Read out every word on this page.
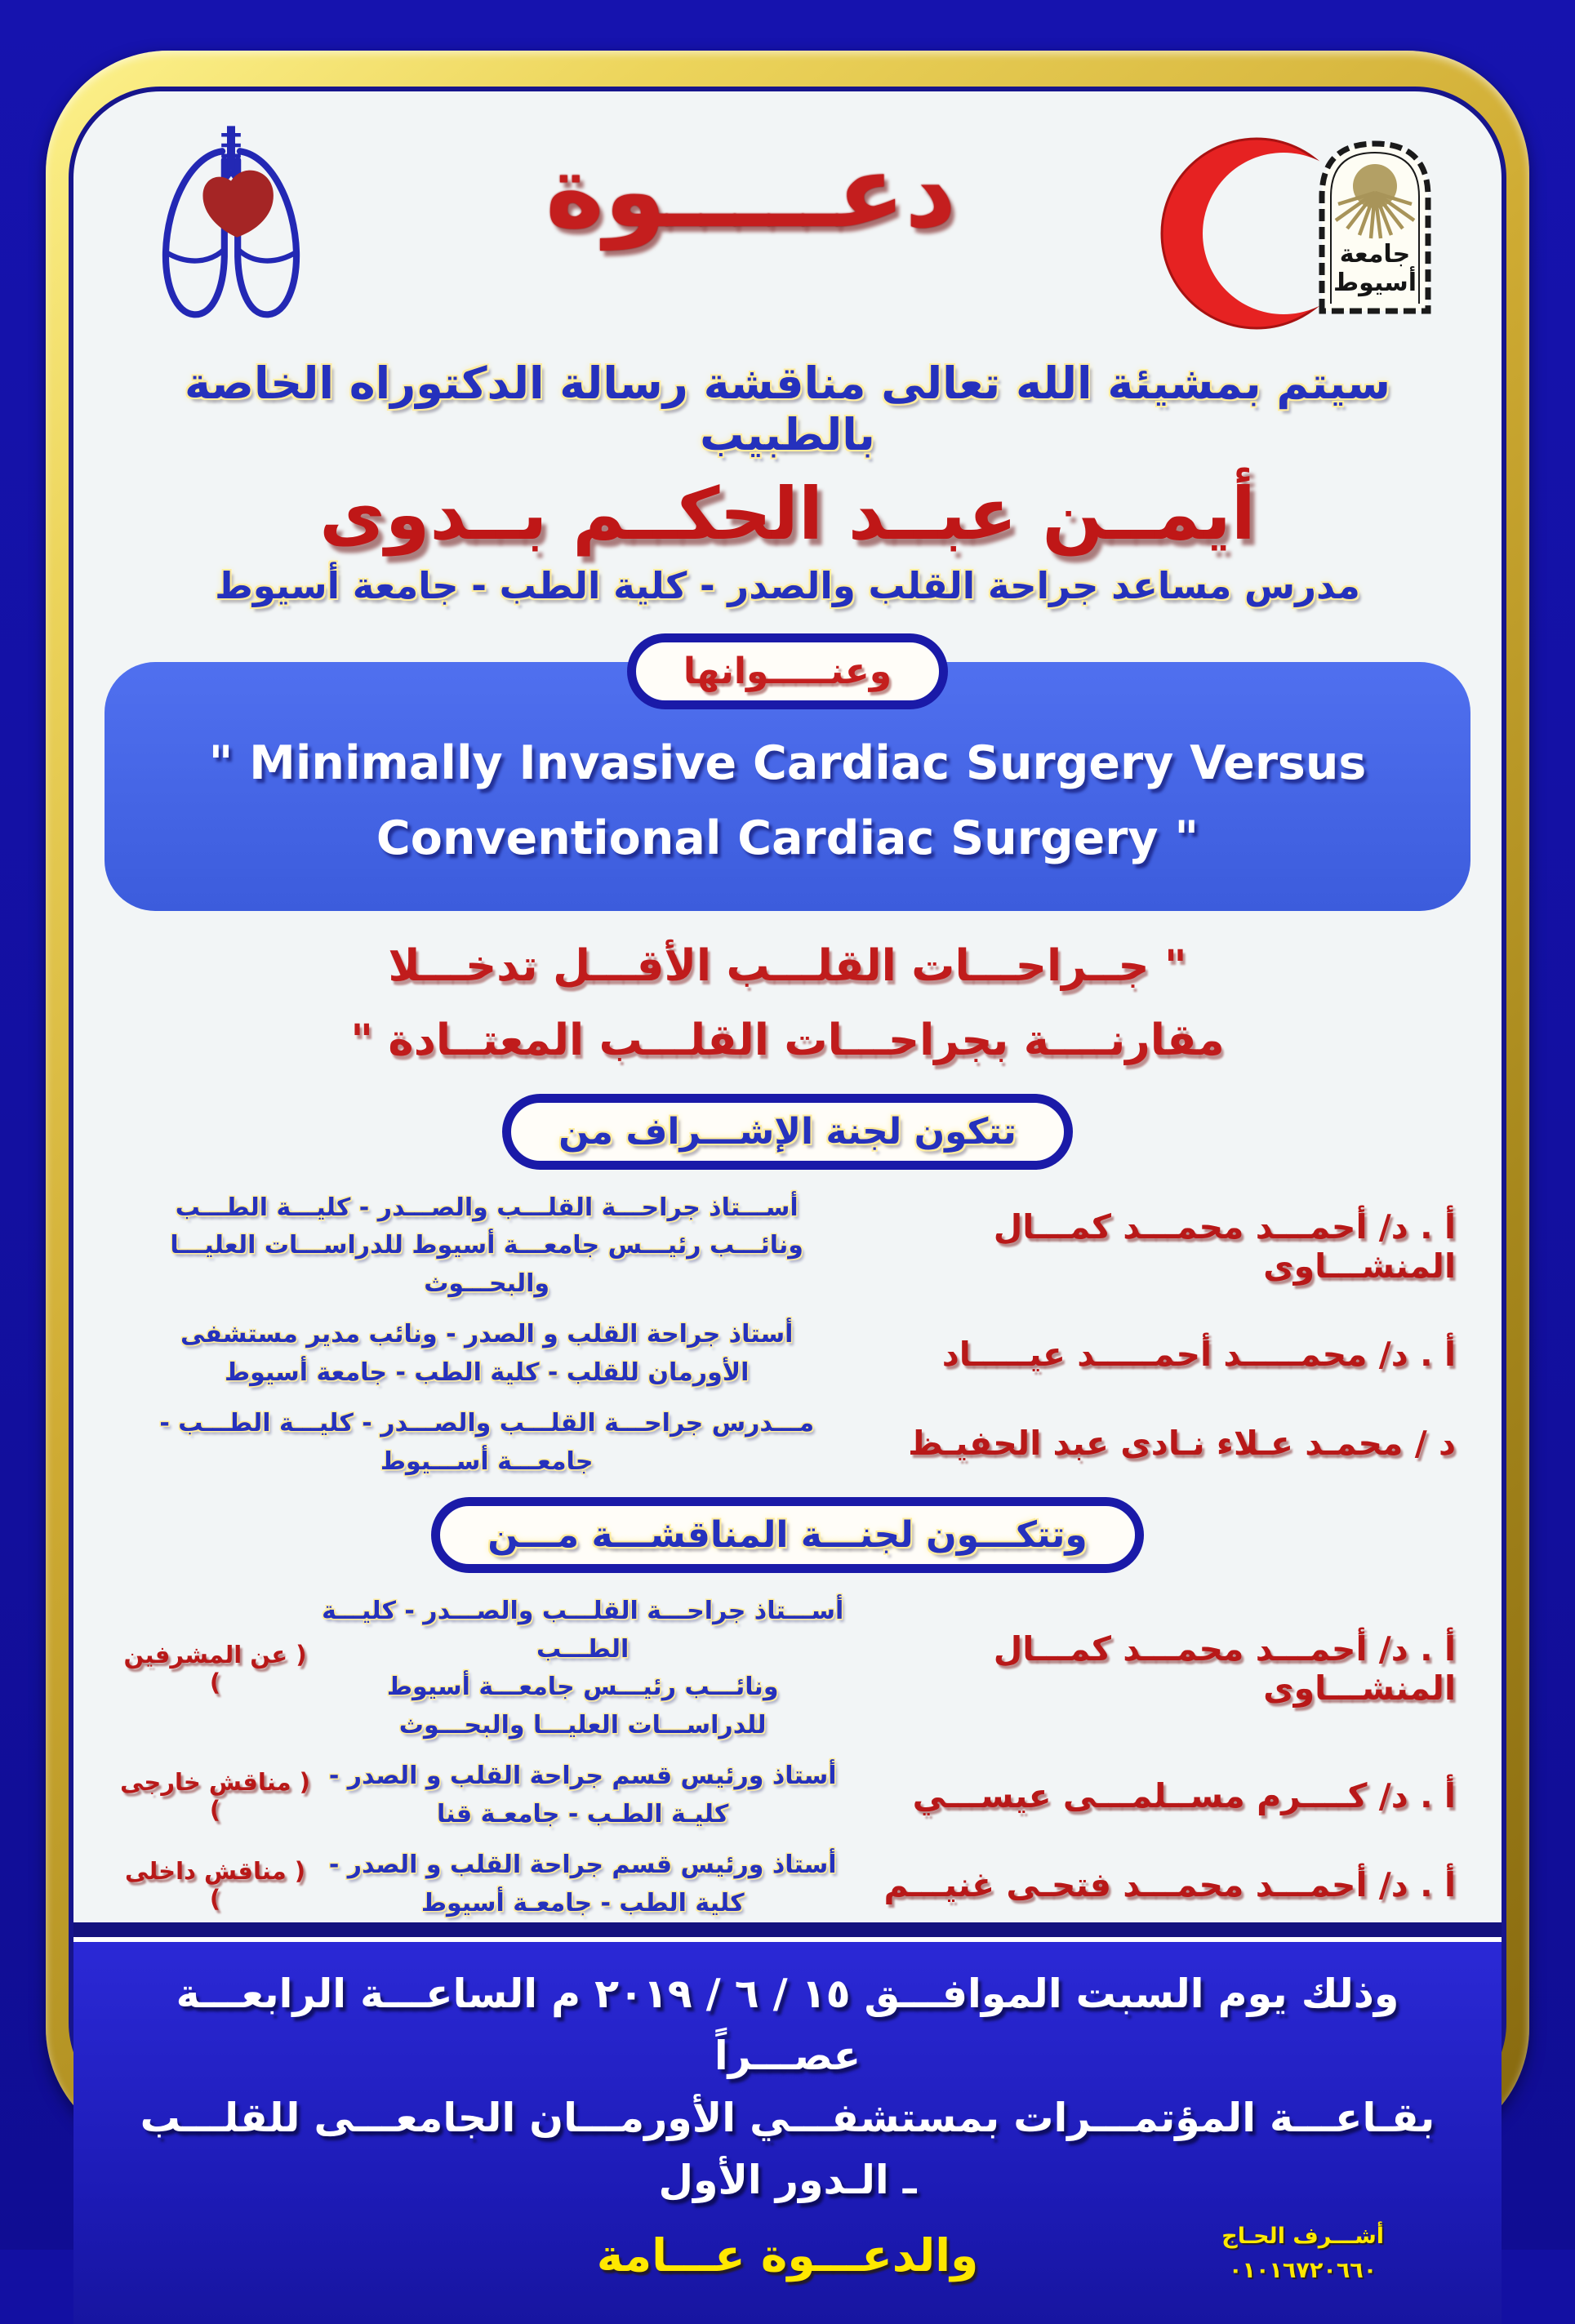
دعـــــوة
جامعة
أسيوط
سيتم بمشيئة الله تعالى مناقشة رسالة الدكتوراه الخاصة بالطبيب
أيمــن عبــد الحكــم بــدوى
مدرس مساعد جراحة القلب والصدر - كلية الطب - جامعة أسيوط
وعنـــــوانها
" Minimally Invasive Cardiac Surgery Versus
Conventional Cardiac Surgery "
" جــراحـــات القلـــب الأقـــل تدخـــلا
مقارنــــة بجراحـــات القلـــب المعتــادة "
تتكون لجنة الإشـــراف من
أ . د/ أحمـــد محمـــد كمـــال المنشـــاوى
أســـتاذ جراحـــة القلـــب والصـــدر - كليـــة الطـــب
ونائـــب رئيـــس جامعـــة أسيوط للدراســـات العليـــا والبحـــوث
أ . د/ محمـــــد أحمـــــد عيـــــاد
أستاذ جراحة القلب و الصدر - ونائب مدير مستشفى الأورمان للقلب - كلية الطب - جامعة أسيوط
د / محمـد عـلاء نـادى عبد الحفيـظ
مـــدرس جراحـــة القلـــب والصـــدر - كليـــة الطـــب - جامعـــة أســـيوط
وتتكـــون لجنـــة المناقشـــة مـــن
أ . د/ أحمـــد محمـــد كمـــال المنشـــاوى
أســـتاذ جراحـــة القلـــب والصـــدر - كليـــة الطـــب
ونائـــب رئيـــس جامعـــة أسيوط للدراســـات العليـــا والبحـــوث
( عن المشرفين )
أ . د/ كــــرم مســلمـــى عيســـي
أستاذ ورئيس قسم جراحة القلب و الصدر - كليـة الطـب - جامعـة قنا
( مناقش خارجى )
أ . د/ أحمـــد محمـــد فتحـى غنيـــم
أستاذ ورئيس قسم جراحة القلب و الصدر - كلية الطب - جامعـة أسيوط
( مناقش داخلى )
وذلك يوم السبت الموافـــق ١٥ / ٦ / ٢٠١٩ م الساعـــة الرابعـــة عصـــراً
بقـاعـــة المؤتمـــرات بمستشفـــي الأورمـــان الجامعـــى للقلـــب ـ الـدور الأول
والدعـــوة عـــامة	أشـــرف الحـاج
٠١٠١٦٧٢٠٦٦٠
